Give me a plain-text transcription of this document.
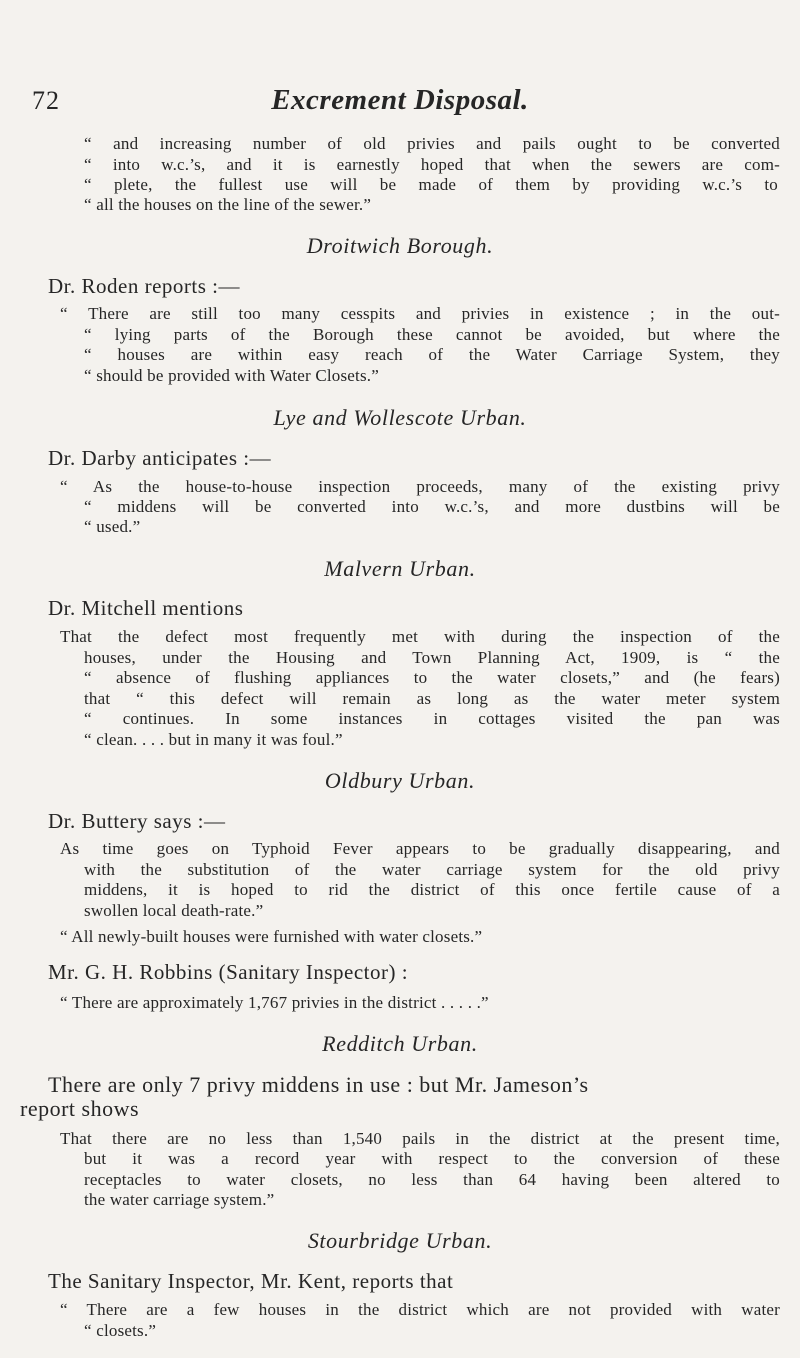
72	Excrement Disposal.
“ and increasing number of old privies and pails ought to be converted
“ into w.c.’s, and it is earnestly hoped that when the sewers are com-
“ plete, the fullest use will be made of them by providing w.c.’s to
“ all the houses on the line of the sewer.”
Droitwich Borough.
Dr. Roden reports :—
“ There are still too many cesspits and privies in existence ; in the out-
“ lying parts of the Borough these cannot be avoided, but where the
“ houses are within easy reach of the Water Carriage System, they
“ should be provided with Water Closets.”
Lye and Wollescote Urban.
Dr. Darby anticipates :—
“ As the house-to-house inspection proceeds, many of the existing privy
“ middens will be converted into w.c.’s, and more dustbins will be
“ used.”
Malvern Urban.
Dr. Mitchell mentions
That the defect most frequently met with during the inspection of the
houses, under the Housing and Town Planning Act, 1909, is “ the
“ absence of flushing appliances to the water closets,” and (he fears)
that “ this defect will remain as long as the water meter system
“ continues. In some instances in cottages visited the pan was
“ clean. . . . but in many it was foul.”
Oldbury Urban.
Dr. Buttery says :—
As time goes on Typhoid Fever appears to be gradually disappearing, and
with the substitution of the water carriage system for the old privy
middens, it is hoped to rid the district of this once fertile cause of a
swollen local death-rate.”
“ All newly-built houses were furnished with water closets.”
Mr. G. H. Robbins (Sanitary Inspector) :
“ There are approximately 1,767 privies in the district . . . . .”
Redditch Urban.
There are only 7 privy middens in use : but Mr. Jameson’s
report shows
That there are no less than 1,540 pails in the district at the present time,
but it was a record year with respect to the conversion of these
receptacles to water closets, no less than 64 having been altered to
the water carriage system.”
Stourbridge Urban.
The Sanitary Inspector, Mr. Kent, reports that
“ There are a few houses in the district which are not provided with water
“ closets.”
